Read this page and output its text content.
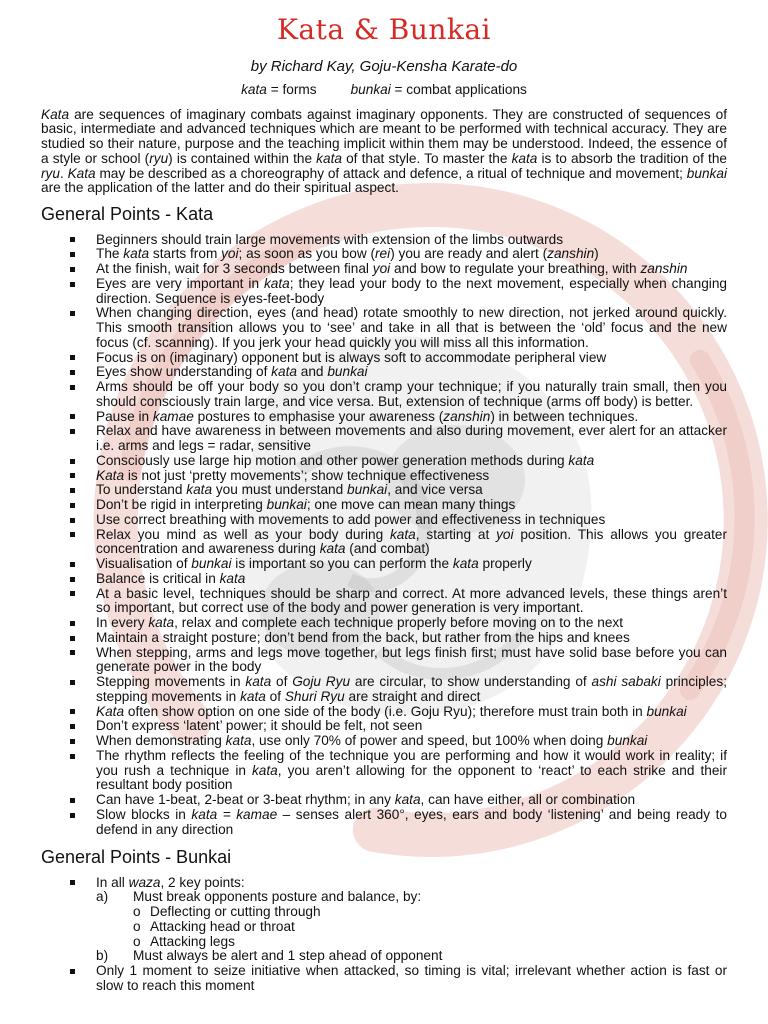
Kata & Bunkai
by Richard Kay, Goju-Kensha Karate-do
kata = forms bunkai = combat applications

Kata are sequences of imaginary combats against imaginary opponents. They are constructed of sequences of basic, intermediate and advanced techniques which are meant to be performed with technical accuracy. They are studied so their nature, purpose and the teaching implicit within them may be understood. Indeed, the essence of a style or school (ryu) is contained within the kata of that style. To master the kata is to absorb the tradition of the ryu. Kata may be described as a choreography of attack and defence, a ritual of technique and movement; bunkai are the application of the latter and do their spiritual aspect.

General Points - Kata
Beginners should train large movements with extension of the limbs outwards
The kata starts from yoi; as soon as you bow (rei) you are ready and alert (zanshin)
At the finish, wait for 3 seconds between final yoi and bow to regulate your breathing, with zanshin
Eyes are very important in kata; they lead your body to the next movement, especially when changing direction. Sequence is eyes-feet-body
When changing direction, eyes (and head) rotate smoothly to new direction, not jerked around quickly. This smooth transition allows you to ‘see’ and take in all that is between the ‘old’ focus and the new focus (cf. scanning). If you jerk your head quickly you will miss all this information.
Focus is on (imaginary) opponent but is always soft to accommodate peripheral view
Eyes show understanding of kata and bunkai
Arms should be off your body so you don’t cramp your technique; if you naturally train small, then you should consciously train large, and vice versa. But, extension of technique (arms off body) is better.
Pause in kamae postures to emphasise your awareness (zanshin) in between techniques.
Relax and have awareness in between movements and also during movement, ever alert for an attacker i.e. arms and legs = radar, sensitive
Consciously use large hip motion and other power generation methods during kata
Kata is not just ‘pretty movements’; show technique effectiveness
To understand kata you must understand bunkai, and vice versa
Don’t be rigid in interpreting bunkai; one move can mean many things
Use correct breathing with movements to add power and effectiveness in techniques
Relax you mind as well as your body during kata, starting at yoi position. This allows you greater concentration and awareness during kata (and combat)
Visualisation of bunkai is important so you can perform the kata properly
Balance is critical in kata
At a basic level, techniques should be sharp and correct. At more advanced levels, these things aren’t so important, but correct use of the body and power generation is very important.
In every kata, relax and complete each technique properly before moving on to the next
Maintain a straight posture; don’t bend from the back, but rather from the hips and knees
When stepping, arms and legs move together, but legs finish first; must have solid base before you can generate power in the body
Stepping movements in kata of Goju Ryu are circular, to show understanding of ashi sabaki principles; stepping movements in kata of Shuri Ryu are straight and direct
Kata often show option on one side of the body (i.e. Goju Ryu); therefore must train both in bunkai
Don’t express ‘latent’ power; it should be felt, not seen
When demonstrating kata, use only 70% of power and speed, but 100% when doing bunkai
The rhythm reflects the feeling of the technique you are performing and how it would work in reality; if you rush a technique in kata, you aren’t allowing for the opponent to ‘react’ to each strike and their resultant body position
Can have 1-beat, 2-beat or 3-beat rhythm; in any kata, can have either, all or combination
Slow blocks in kata = kamae – senses alert 360°, eyes, ears and body ‘listening’ and being ready to defend in any direction
General Points - Bunkai
In all waza, 2 key points:
a) Must break opponents posture and balance, by:
o Deflecting or cutting through
o Attacking head or throat
o Attacking legs
b) Must always be alert and 1 step ahead of opponent
Only 1 moment to seize initiative when attacked, so timing is vital; irrelevant whether action is fast or slow to reach this moment
